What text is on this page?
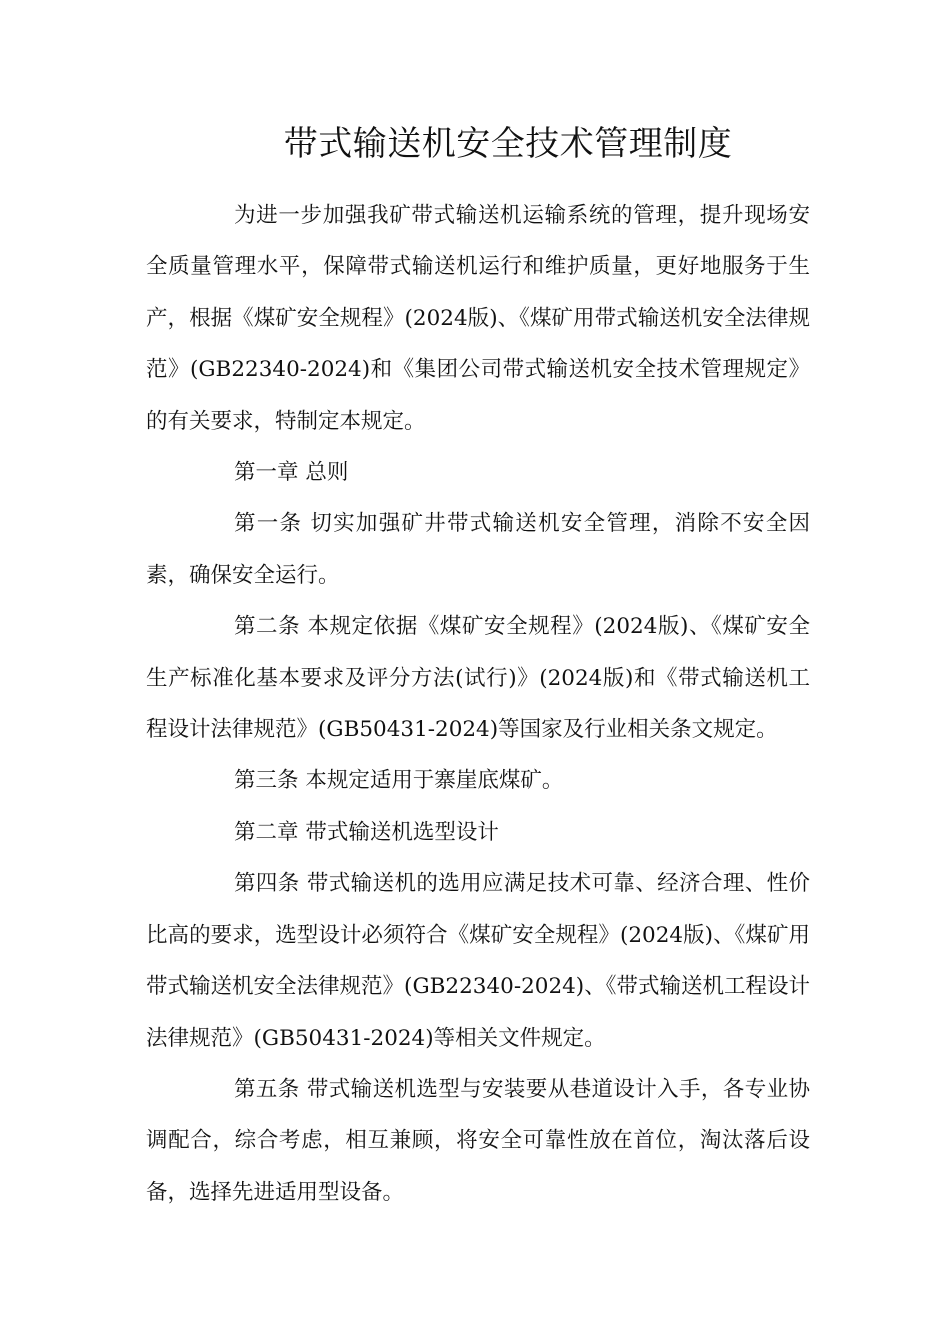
带式输送机安全技术管理制度

为进一步加强我矿带式输送机运输系统的管理，提升现场安全质量管理水平，保障带式输送机运行和维护质量，更好地服务于生产，根据《煤矿安全规程》(2024版)、《煤矿用带式输送机安全法律规范》(GB22340-2024)和《集团公司带式输送机安全技术管理规定》的有关要求，特制定本规定。

第一章 总则

第一条 切实加强矿井带式输送机安全管理，消除不安全因素，确保安全运行。

第二条 本规定依据《煤矿安全规程》(2024版)、《煤矿安全生产标准化基本要求及评分方法(试行)》(2024版)和《带式输送机工程设计法律规范》(GB50431-2024)等国家及行业相关条文规定。

第三条 本规定适用于寨崖底煤矿。

第二章 带式输送机选型设计

第四条 带式输送机的选用应满足技术可靠、经济合理、性价比高的要求，选型设计必须符合《煤矿安全规程》(2024版)、《煤矿用带式输送机安全法律规范》(GB22340-2024)、《带式输送机工程设计法律规范》(GB50431-2024)等相关文件规定。

第五条 带式输送机选型与安装要从巷道设计入手，各专业协调配合，综合考虑，相互兼顾，将安全可靠性放在首位，淘汰落后设备，选择先进适用型设备。
